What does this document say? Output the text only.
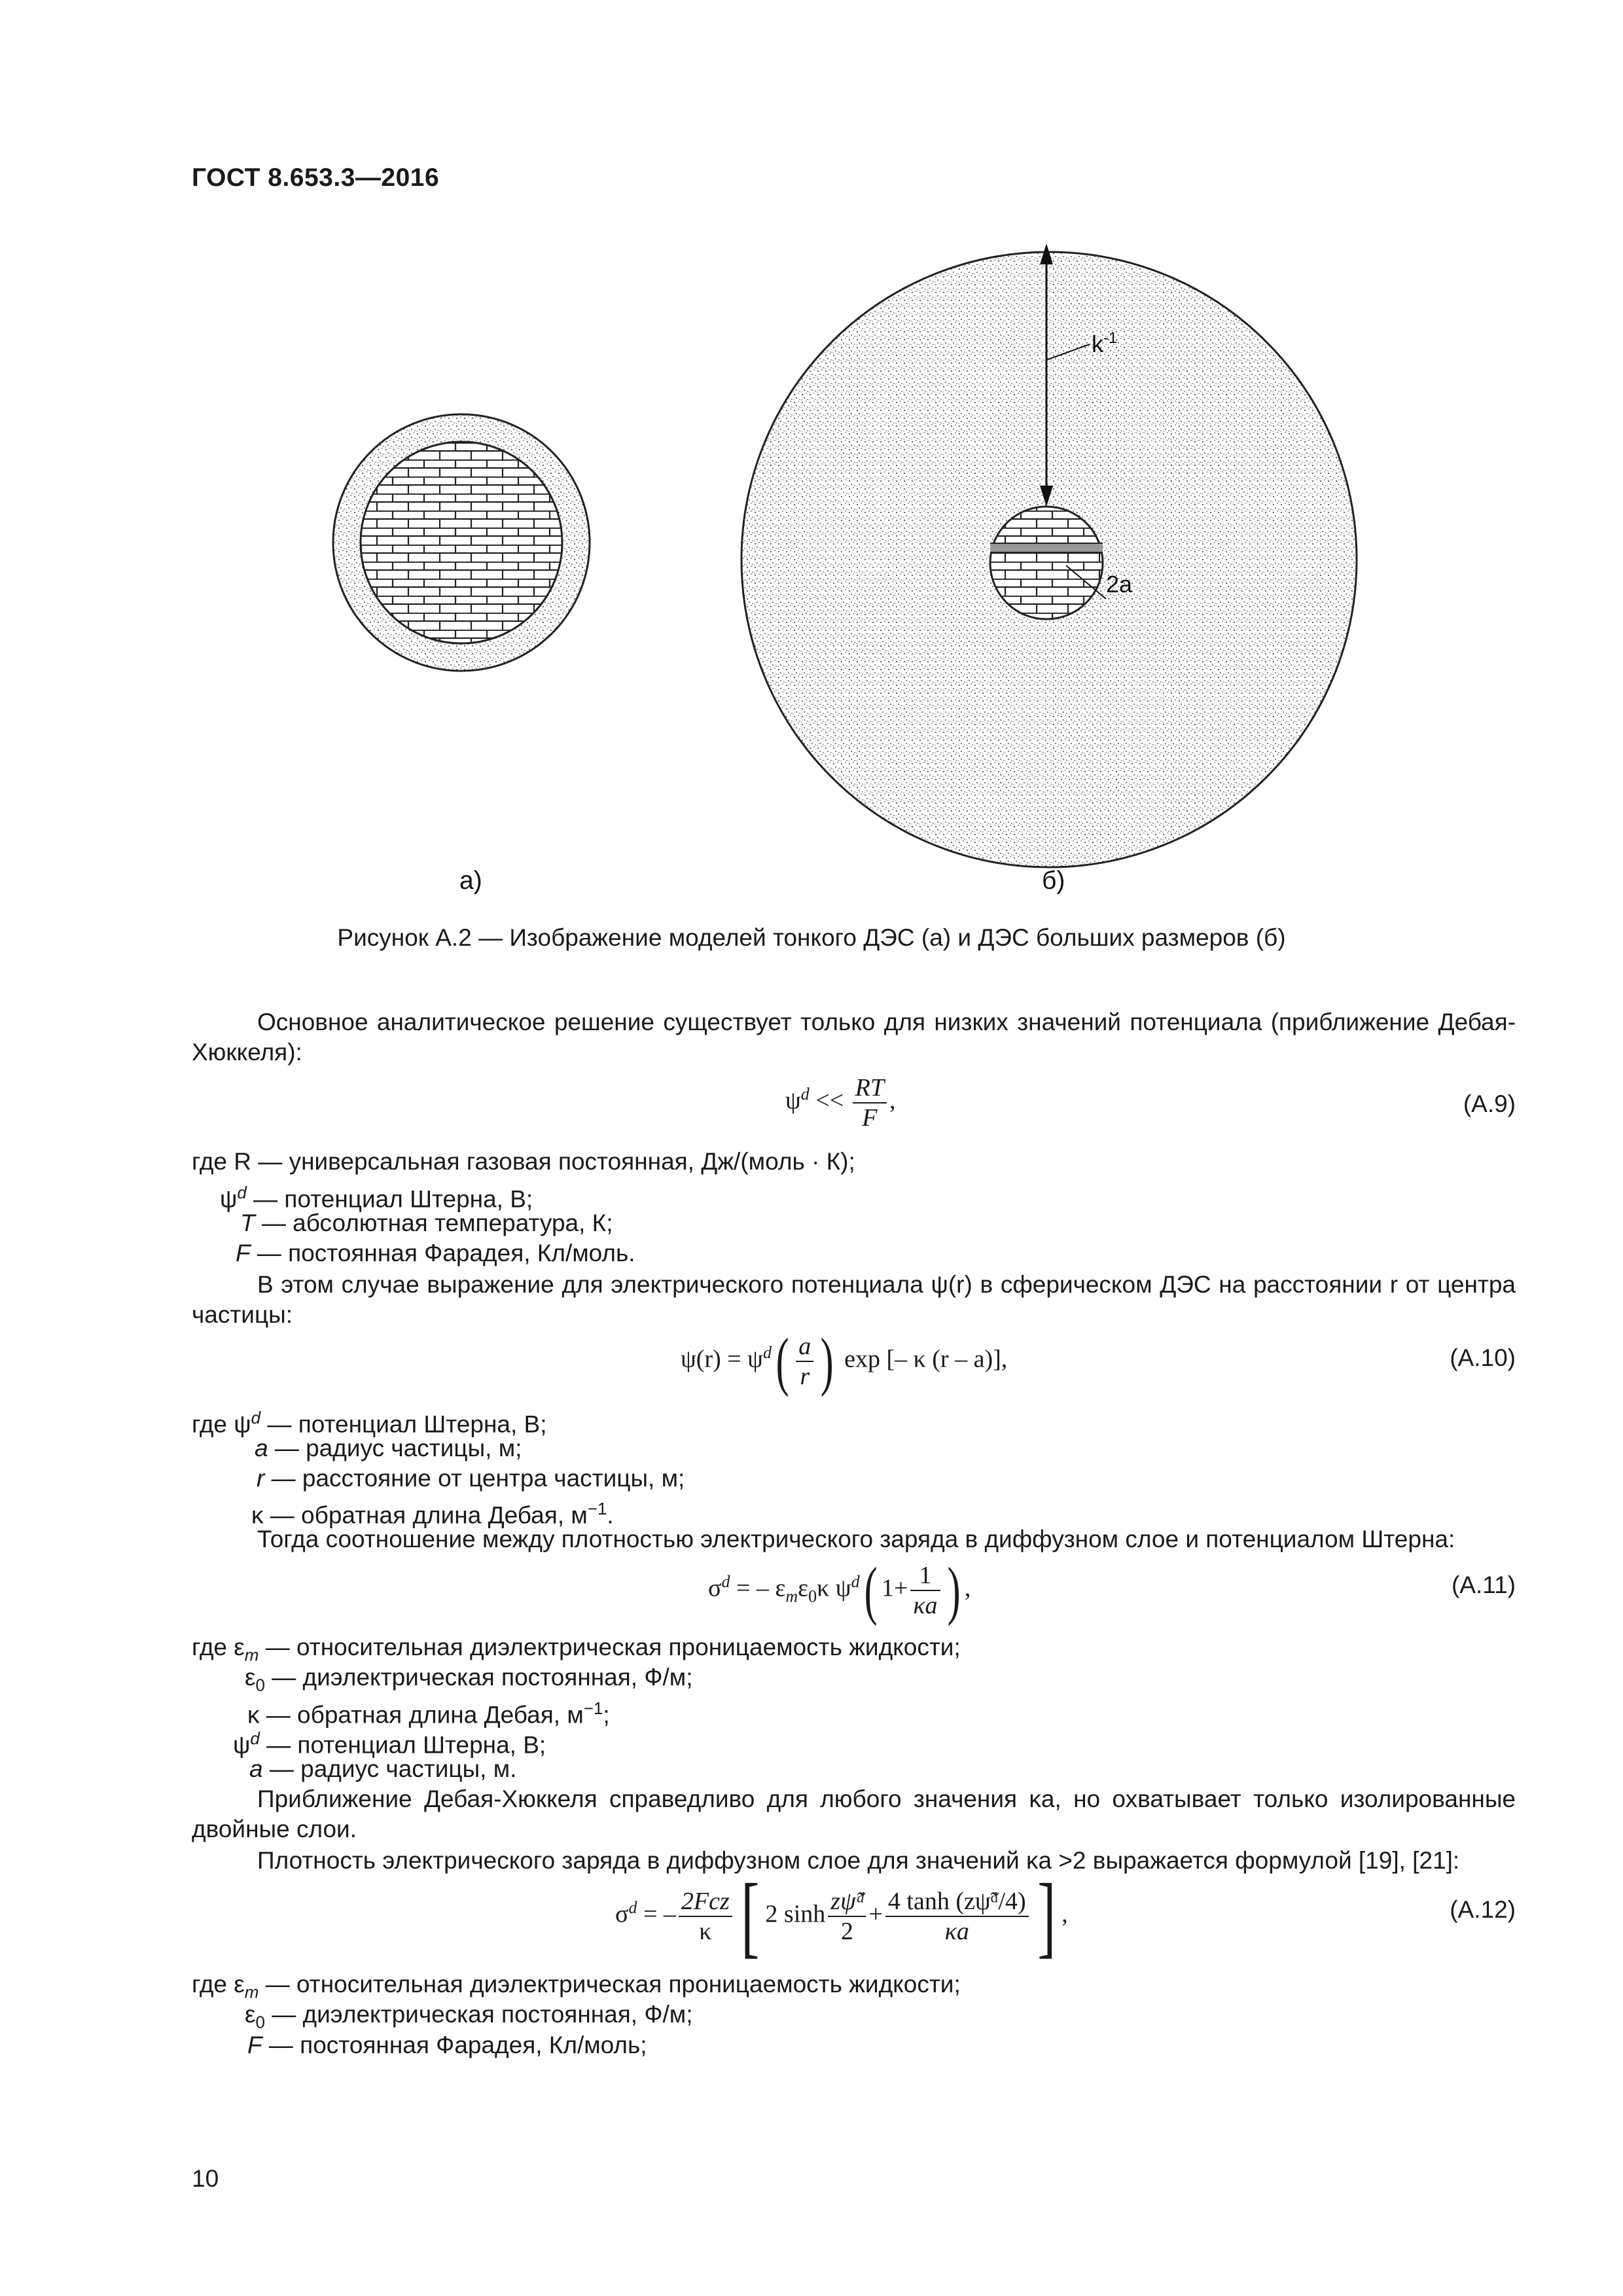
ГОСТ 8.653.3—2016
$k^{-1}$
2a
а)	б)
Рисунок А.2 — Изображение моделей тонкого ДЭС (а) и ДЭС больших размеров (б)
Основное аналитическое решение существует только для низких значений потенциала (приближение Дебая-Хюккеля):
$\psi^d << \frac{RT}{F}$ ,	(А.9)
где R — универсальная газовая постоянная, Дж/(моль · К);
$\psi^d$ — потенциал Штерна, В;
T — абсолютная температура, К;
F — постоянная Фарадея, Кл/моль.
В этом случае выражение для электрического потенциала ψ(r) в сферическом ДЭС на расстоянии r от центра частицы:
$\psi(r) = \psi^d( \frac{a}{r}$ ) exp [– κ (r – a)],	(А.10)
где $\psi^d$ — потенциал Штерна, В;
a — радиус частицы, м;
r — расстояние от центра частицы, м;
κ — обратная длина Дебая, $м^{-1}$.
Тогда соотношение между плотностью электрического заряда в диффузном слое и потенциалом Штерна:
$\sigma^d$ = – $\varepsilon_m\varepsilon_0\kappa$ $\psi^d$( $1+ \frac{1}{\kappa a}$ ) ,	(А.11)
где $\varepsilon_m$ — относительная диэлектрическая проницаемость жидкости;
$\varepsilon_0$ — диэлектрическая постоянная, Ф/м;
κ — обратная длина Дебая, $м^{-1}$;
$\psi^d$ — потенциал Штерна, В;
a — радиус частицы, м.
Приближение Дебая-Хюккеля справедливо для любого значения κa, но охватывает только изолированные двойные слои.
Плотность электрического заряда в диффузном слое для значений κa >2 выражается формулой [19], [21]:
$\sigma^d$ = – $\frac{\text{2Fcz}}{\kappa}$ [ 2 $\sinh \frac{\text{zψ̃ᵈ}}{2} + \frac{\text{4 tanh (zψ̃ᵈ/4)}}{\kappa a}$ ] ,	(А.12)
где $\varepsilon_m$ — относительная диэлектрическая проницаемость жидкости;
$\varepsilon_0$ — диэлектрическая постоянная, Ф/м;
F — постоянная Фарадея, Кл/моль;
10
